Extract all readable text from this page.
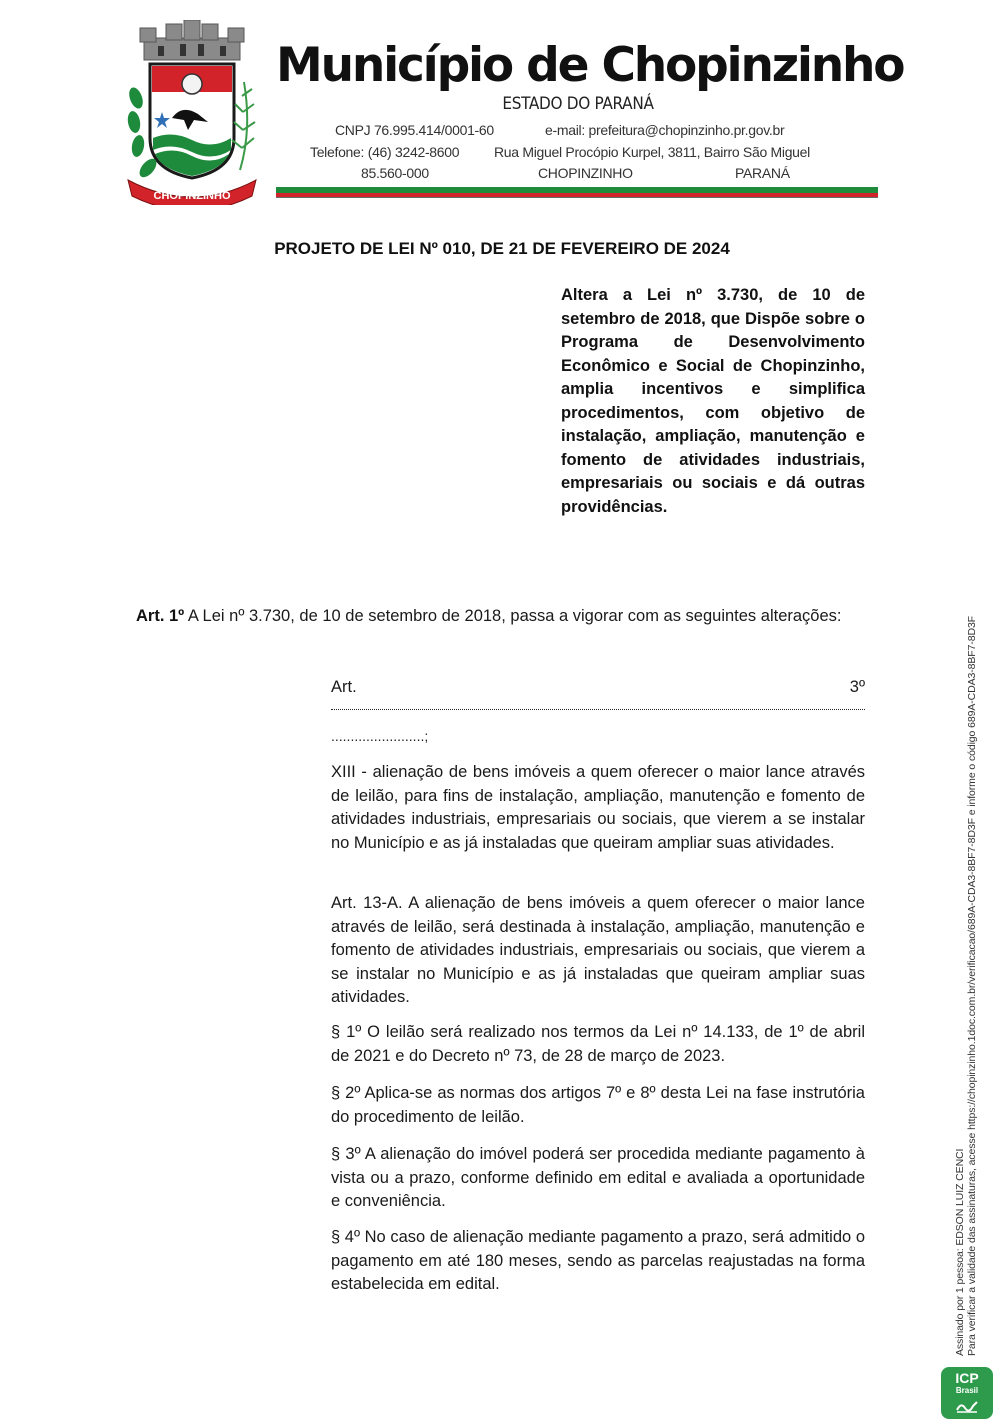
CHOPINZINHO
Município de Chopinzinho
ESTADO DO PARANÁ
CNPJ 76.995.414/0001-60	e-mail: prefeitura@chopinzinho.pr.gov.br
Telefone: (46) 3242-8600 Rua Miguel Procópio Kurpel, 3811, Bairro São Miguel
85.560-000	CHOPINZINHO	PARANÁ
PROJETO DE LEI Nº 010, DE 21 DE FEVEREIRO DE 2024

Altera a Lei nº 3.730, de 10 de setembro de 2018, que Dispõe sobre o Programa de Desenvolvimento Econômico e Social de Chopinzinho, amplia incentivos e simplifica procedimentos, com objetivo de instalação, ampliação, manutenção e fomento de atividades industriais, empresariais ou sociais e dá outras providências.

Art. 1º A Lei nº 3.730, de 10 de setembro de 2018, passa a vigorar com as seguintes alterações:

Art.	3º
........................;

XIII - alienação de bens imóveis a quem oferecer o maior lance através de leilão, para fins de instalação, ampliação, manutenção e fomento de atividades industriais, empresariais ou sociais, que vierem a se instalar no Município e as já instaladas que queiram ampliar suas atividades.

Art. 13-A. A alienação de bens imóveis a quem oferecer o maior lance através de leilão, será destinada à instalação, ampliação, manutenção e fomento de atividades industriais, empresariais ou sociais, que vierem a se instalar no Município e as já instaladas que queiram ampliar suas atividades.

§ 1º O leilão será realizado nos termos da Lei nº 14.133, de 1º de abril de 2021 e do Decreto nº 73, de 28 de março de 2023.

§ 2º Aplica-se as normas dos artigos 7º e 8º desta Lei na fase instrutória do procedimento de leilão.

§ 3º A alienação do imóvel poderá ser procedida mediante pagamento à vista ou a prazo, conforme definido em edital e avaliada a oportunidade e conveniência.

§ 4º No caso de alienação mediante pagamento a prazo, será admitido o pagamento em até 180 meses, sendo as parcelas reajustadas na forma estabelecida em edital.	Assinado por 1 pessoa: EDSON LUIZ CENCI Para verificar a validade das assinaturas, acesse https://chopinzinho.1doc.com.br/verificacao/689A-CDA3-8BF7-8D3F e informe o código 689A-CDA3-8BF7-8D3F
ICP
Brasil
